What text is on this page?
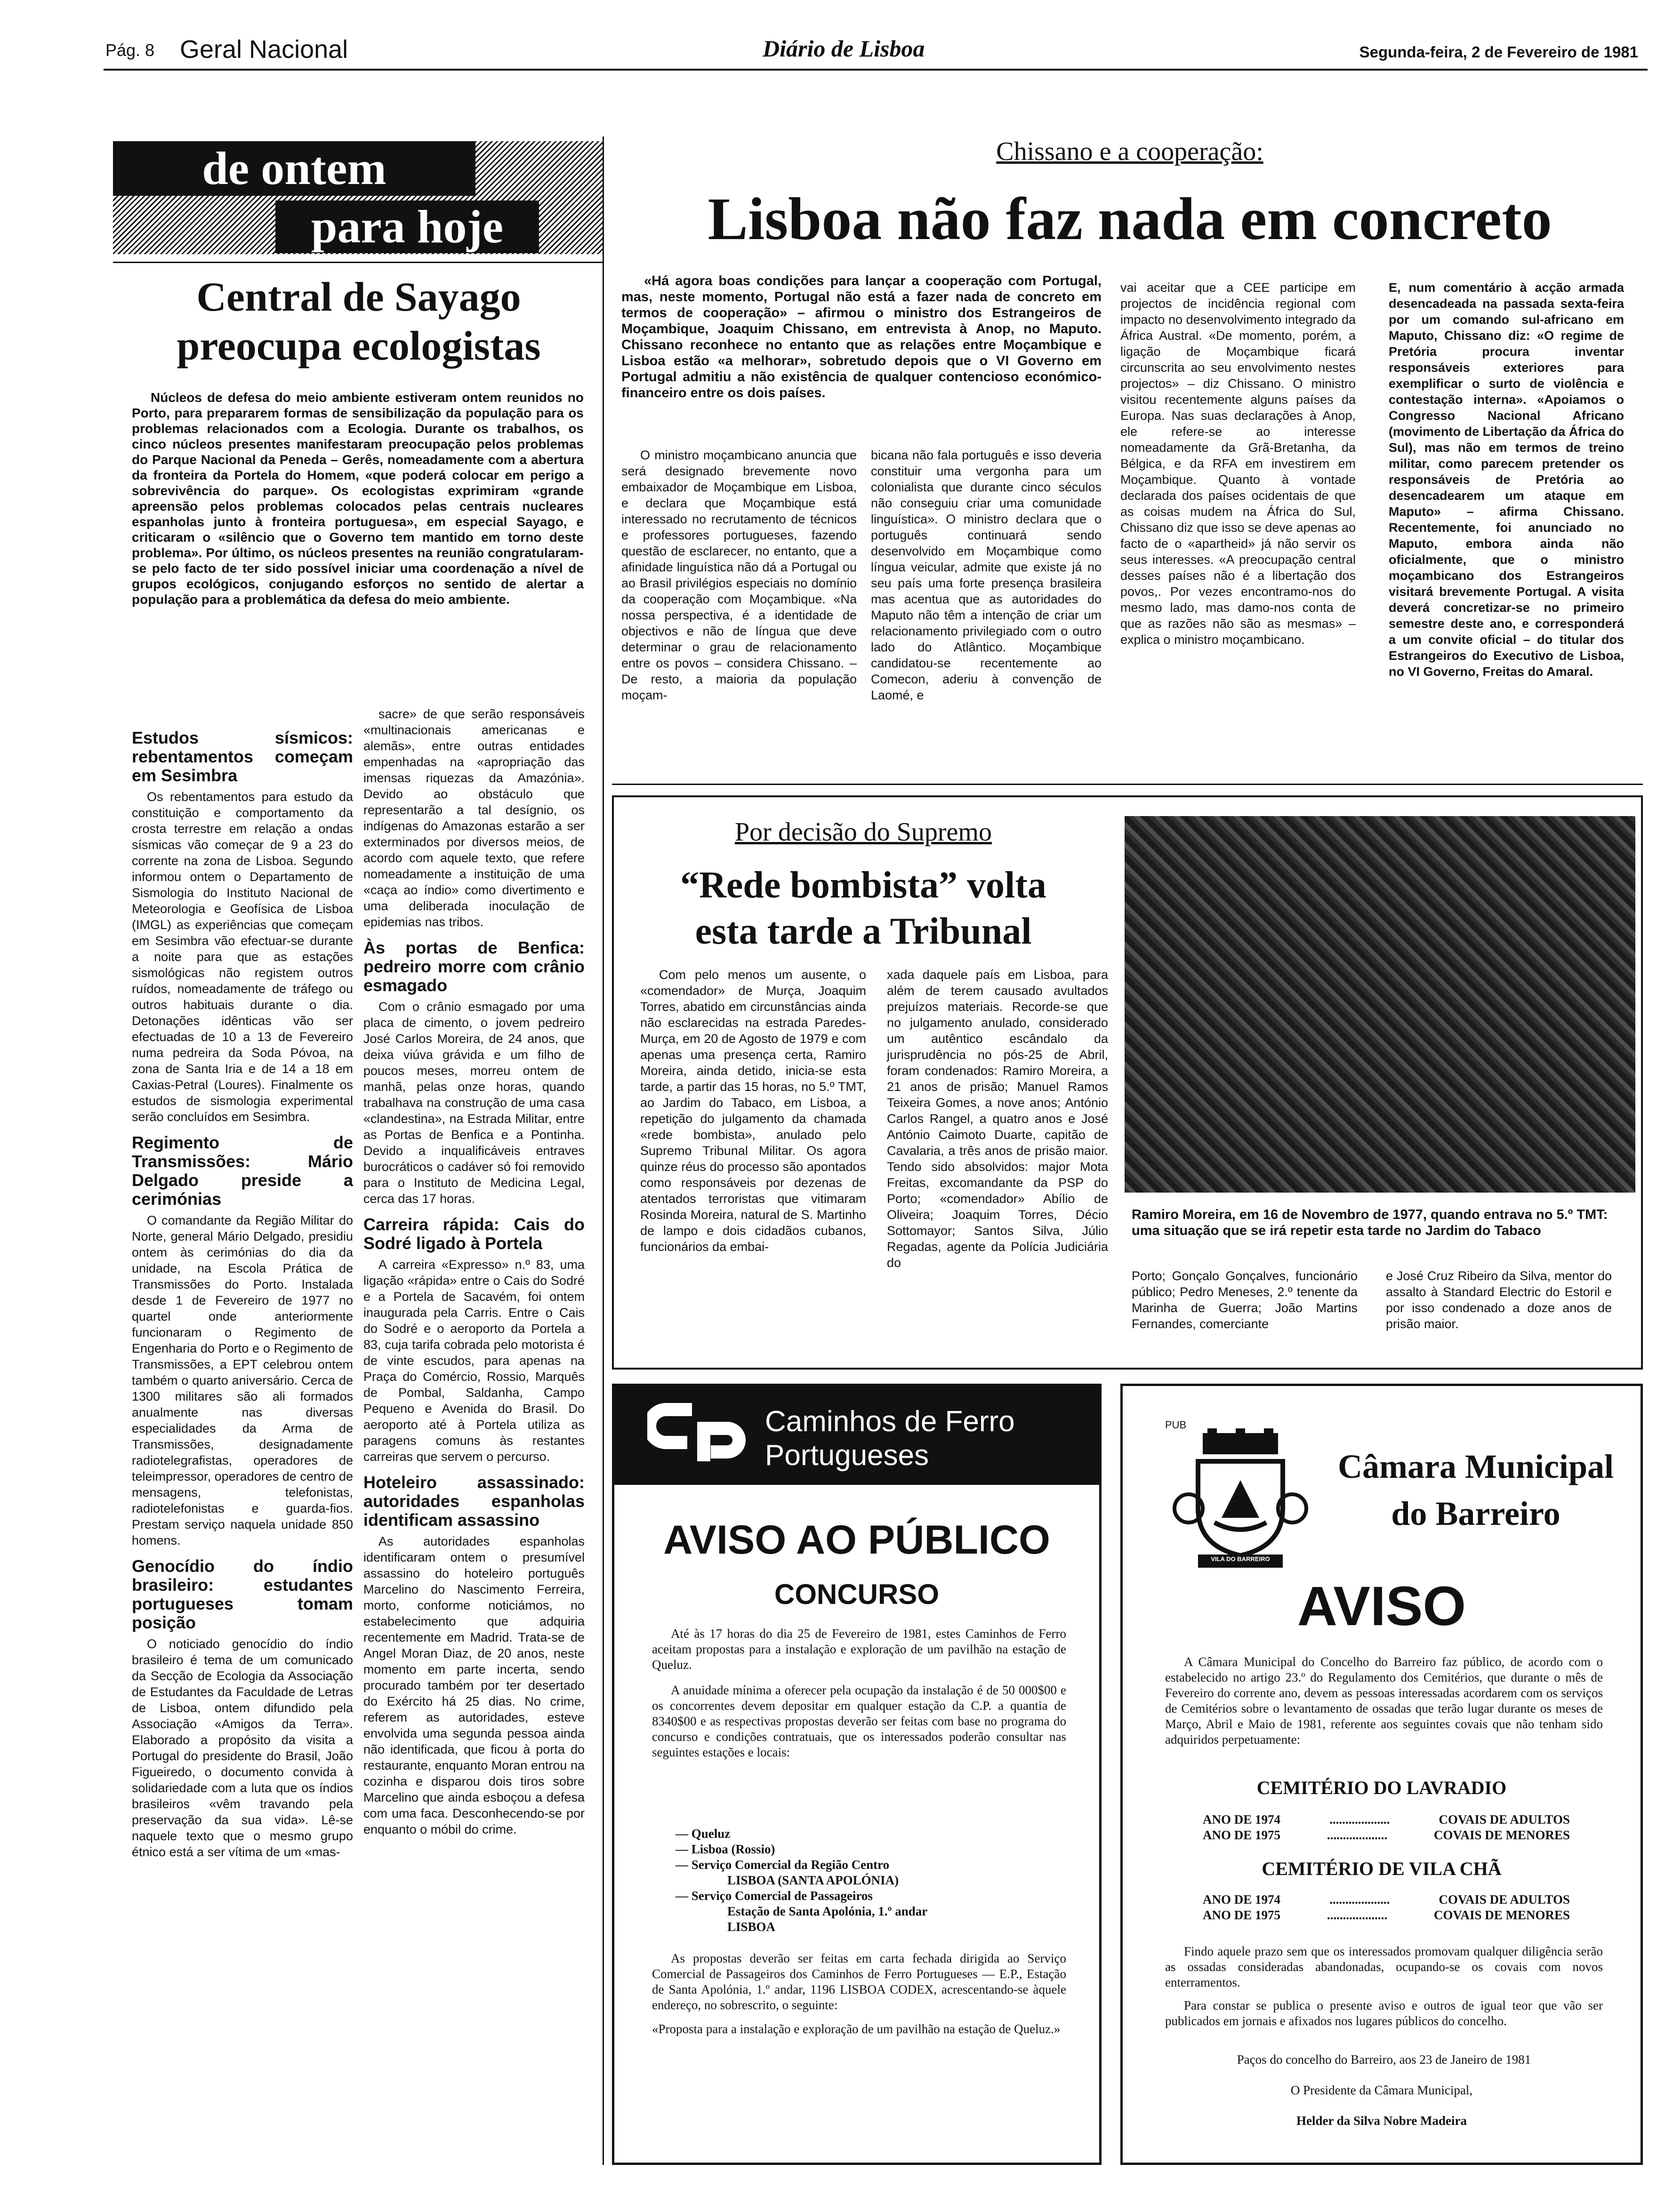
Pág. 8 Geral Nacional	Diário de Lisboa	Segunda-feira, 2 de Fevereiro de 1981
de ontem
para hoje
Central de Sayago preocupa ecologistas
Núcleos de defesa do meio ambiente estiveram ontem reunidos no Porto, para prepararem formas de sensibilização da população para os problemas relacionados com a Ecologia. Durante os trabalhos, os cinco núcleos presentes manifestaram preocupação pelos problemas do Parque Nacional da Peneda – Gerês, nomeadamente com a abertura da fronteira da Portela do Homem, «que poderá colocar em perigo a sobrevivência do parque». Os ecologistas exprimiram «grande apreensão pelos problemas colocados pelas centrais nucleares espanholas junto à fronteira portuguesa», em especial Sayago, e criticaram o «silêncio que o Governo tem mantido em torno deste problema». Por último, os núcleos presentes na reunião congratularam-se pelo facto de ter sido possível iniciar uma coordenação a nível de grupos ecológicos, conjugando esforços no sentido de alertar a população para a problemática da defesa do meio ambiente.
Estudos sísmicos: rebentamentos começam em Sesimbra

Os rebentamentos para estudo da constituição e comportamento da crosta terrestre em relação a ondas sísmicas vão começar de 9 a 23 do corrente na zona de Lisboa. Segundo informou ontem o Departamento de Sismologia do Instituto Nacional de Meteorologia e Geofísica de Lisboa (IMGL) as experiências que começam em Sesimbra vão efectuar-se durante a noite para que as estações sismológicas não registem outros ruídos, nomeadamente de tráfego ou outros habituais durante o dia. Detonações idênticas vão ser efectuadas de 10 a 13 de Fevereiro numa pedreira da Soda Póvoa, na zona de Santa Iria e de 14 a 18 em Caxias-Petral (Loures). Finalmente os estudos de sismologia experimental serão concluídos em Sesimbra.

Regimento de Transmissões: Mário Delgado preside a cerimónias

O comandante da Região Militar do Norte, general Mário Delgado, presidiu ontem às cerimónias do dia da unidade, na Escola Prática de Transmissões do Porto. Instalada desde 1 de Fevereiro de 1977 no quartel onde anteriormente funcionaram o Regimento de Engenharia do Porto e o Regimento de Transmissões, a EPT celebrou ontem também o quarto aniversário. Cerca de 1300 militares são ali formados anualmente nas diversas especialidades da Arma de Transmissões, designadamente radiotelegrafistas, operadores de teleimpressor, operadores de centro de mensagens, telefonistas, radiotelefonistas e guarda-fios. Prestam serviço naquela unidade 850 homens.

Genocídio do índio brasileiro: estudantes portugueses tomam posição

O noticiado genocídio do índio brasileiro é tema de um comunicado da Secção de Ecologia da Associação de Estudantes da Faculdade de Letras de Lisboa, ontem difundido pela Associação «Amigos da Terra». Elaborado a propósito da visita a Portugal do presidente do Brasil, João Figueiredo, o documento convida à solidariedade com a luta que os índios brasileiros «vêm travando pela preservação da sua vida». Lê-se naquele texto que o mesmo grupo étnico está a ser vítima de um «mas-

sacre» de que serão responsáveis «multinacionais americanas e alemãs», entre outras entidades empenhadas na «apropriação das imensas riquezas da Amazónia». Devido ao obstáculo que representarão a tal desígnio, os indígenas do Amazonas estarão a ser exterminados por diversos meios, de acordo com aquele texto, que refere nomeadamente a instituição de uma «caça ao índio» como divertimento e uma deliberada inoculação de epidemias nas tribos.

Às portas de Benfica: pedreiro morre com crânio esmagado

Com o crânio esmagado por uma placa de cimento, o jovem pedreiro José Carlos Moreira, de 24 anos, que deixa viúva grávida e um filho de poucos meses, morreu ontem de manhã, pelas onze horas, quando trabalhava na construção de uma casa «clandestina», na Estrada Militar, entre as Portas de Benfica e a Pontinha. Devido a inqualificáveis entraves burocráticos o cadáver só foi removido para o Instituto de Medicina Legal, cerca das 17 horas.

Carreira rápida: Cais do Sodré ligado à Portela

A carreira «Expresso» n.º 83, uma ligação «rápida» entre o Cais do Sodré e a Portela de Sacavém, foi ontem inaugurada pela Carris. Entre o Cais do Sodré e o aeroporto da Portela a 83, cuja tarifa cobrada pelo motorista é de vinte escudos, para apenas na Praça do Comércio, Rossio, Marquês de Pombal, Saldanha, Campo Pequeno e Avenida do Brasil. Do aeroporto até à Portela utiliza as paragens comuns às restantes carreiras que servem o percurso.

Hoteleiro assassinado: autoridades espanholas identificam assassino

As autoridades espanholas identificaram ontem o presumível assassino do hoteleiro português Marcelino do Nascimento Ferreira, morto, conforme noticiámos, no estabelecimento que adquiria recentemente em Madrid. Trata-se de Angel Moran Diaz, de 20 anos, neste momento em parte incerta, sendo procurado também por ter desertado do Exército há 25 dias. No crime, referem as autoridades, esteve envolvida uma segunda pessoa ainda não identificada, que ficou à porta do restaurante, enquanto Moran entrou na cozinha e disparou dois tiros sobre Marcelino que ainda esboçou a defesa com uma faca. Desconhecendo-se por enquanto o móbil do crime.

Chissano e a cooperação:
Lisboa não faz nada em concreto
«Há agora boas condições para lançar a cooperação com Portugal, mas, neste momento, Portugal não está a fazer nada de concreto em termos de cooperação» – afirmou o ministro dos Estrangeiros de Moçambique, Joaquim Chissano, em entrevista à Anop, no Maputo. Chissano reconhece no entanto que as relações entre Moçambique e Lisboa estão «a melhorar», sobretudo depois que o VI Governo em Portugal admitiu a não existência de qualquer contencioso económico-financeiro entre os dois países.
O ministro moçambicano anuncia que será designado brevemente novo embaixador de Moçambique em Lisboa, e declara que Moçambique está interessado no recrutamento de técnicos e professores portugueses, fazendo questão de esclarecer, no entanto, que a afinidade linguística não dá a Portugal ou ao Brasil privilégios especiais no domínio da cooperação com Moçambique. «Na nossa perspectiva, é a identidade de objectivos e não de língua que deve determinar o grau de relacionamento entre os povos – considera Chissano. – De resto, a maioria da população moçam-
bicana não fala português e isso deveria constituir uma vergonha para um colonialista que durante cinco séculos não conseguiu criar uma comunidade linguística». O ministro declara que o português continuará sendo desenvolvido em Moçambique como língua veicular, admite que existe já no seu país uma forte presença brasileira mas acentua que as autoridades do Maputo não têm a intenção de criar um relacionamento privilegiado com o outro lado do Atlântico. Moçambique candidatou-se recentemente ao Comecon, aderiu à convenção de Laomé, e
vai aceitar que a CEE participe em projectos de incidência regional com impacto no desenvolvimento integrado da África Austral. «De momento, porém, a ligação de Moçambique ficará circunscrita ao seu envolvimento nestes projectos» – diz Chissano. O ministro visitou recentemente alguns países da Europa. Nas suas declarações à Anop, ele refere-se ao interesse nomeadamente da Grã-Bretanha, da Bélgica, e da RFA em investirem em Moçambique. Quanto à vontade declarada dos países ocidentais de que as coisas mudem na África do Sul, Chissano diz que isso se deve apenas ao facto de o «apartheid» já não servir os seus interesses. «A preocupação central desses países não é a libertação dos povos,. Por vezes encontramo-nos do mesmo lado, mas damo-nos conta de que as razões não são as mesmas» – explica o ministro moçambicano.
E, num comentário à acção armada desencadeada na passada sexta-feira por um comando sul-africano em Maputo, Chissano diz: «O regime de Pretória procura inventar responsáveis exteriores para exemplificar o surto de violência e contestação interna». «Apoiamos o Congresso Nacional Africano (movimento de Libertação da África do Sul), mas não em termos de treino militar, como parecem pretender os responsáveis de Pretória ao desencadearem um ataque em Maputo» – afirma Chissano. Recentemente, foi anunciado no Maputo, embora ainda não oficialmente, que o ministro moçambicano dos Estrangeiros visitará brevemente Portugal. A visita deverá concretizar-se no primeiro semestre deste ano, e corresponderá a um convite oficial – do titular dos Estrangeiros do Executivo de Lisboa, no VI Governo, Freitas do Amaral.
Por decisão do Supremo
“Rede bombista” volta
esta tarde a Tribunal
Com pelo menos um ausente, o «comendador» de Murça, Joaquim Torres, abatido em circunstâncias ainda não esclarecidas na estrada Paredes-Murça, em 20 de Agosto de 1979 e com apenas uma presença certa, Ramiro Moreira, ainda detido, inicia-se esta tarde, a partir das 15 horas, no 5.º TMT, ao Jardim do Tabaco, em Lisboa, a repetição do julgamento da chamada «rede bombista», anulado pelo Supremo Tribunal Militar. Os agora quinze réus do processo são apontados como responsáveis por dezenas de atentados terroristas que vitimaram Rosinda Moreira, natural de S. Martinho de lampo e dois cidadãos cubanos, funcionários da embai-
xada daquele país em Lisboa, para além de terem causado avultados prejuízos materiais. Recorde-se que no julgamento anulado, considerado um autêntico escândalo da jurisprudência no pós-25 de Abril, foram condenados: Ramiro Moreira, a 21 anos de prisão; Manuel Ramos Teixeira Gomes, a nove anos; António Carlos Rangel, a quatro anos e José António Caimoto Duarte, capitão de Cavalaria, a três anos de prisão maior. Tendo sido absolvidos: major Mota Freitas, excomandante da PSP do Porto; «comendador» Abílio de Oliveira; Joaquim Torres, Décio Sottomayor; Santos Silva, Júlio Regadas, agente da Polícia Judiciária do
Ramiro Moreira, em 16 de Novembro de 1977, quando entrava no 5.º TMT: uma situação que se irá repetir esta tarde no Jardim do Tabaco
Porto; Gonçalo Gonçalves, funcionário público; Pedro Meneses, 2.º tenente da Marinha de Guerra; João Martins Fernandes, comerciante
e José Cruz Ribeiro da Silva, mentor do assalto à Standard Electric do Estoril e por isso condenado a doze anos de prisão maior.
Caminhos de Ferro
Portugueses
AVISO AO PÚBLICO
CONCURSO
Até às 17 horas do dia 25 de Fevereiro de 1981, estes Caminhos de Ferro aceitam propostas para a instalação e exploração de um pavilhão na estação de Queluz.
A anuidade mínima a oferecer pela ocupação da instalação é de 50 000$00 e os concorrentes devem depositar em qualquer estação da C.P. a quantia de 8340$00 e as respectivas propostas deverão ser feitas com base no programa do concurso e condições contratuais, que os interessados poderão consultar nas seguintes estações e locais:
— Queluz
— Lisboa (Rossio)
— Serviço Comercial da Região Centro
LISBOA (SANTA APOLÓNIA)
— Serviço Comercial de Passageiros
Estação de Santa Apolónia, 1.º andar
LISBOA
As propostas deverão ser feitas em carta fechada dirigida ao Serviço Comercial de Passageiros dos Caminhos de Ferro Portugueses — E.P., Estação de Santa Apolónia, 1.º andar, 1196 LISBOA CODEX, acrescentando-se àquele endereço, no sobrescrito, o seguinte:
«Proposta para a instalação e exploração de um pavilhão na estação de Queluz.»
PUB
VILA DO BARREIRO
Câmara Municipal
do Barreiro
AVISO
A Câmara Municipal do Concelho do Barreiro faz público, de acordo com o estabelecido no artigo 23.º do Regulamento dos Cemitérios, que durante o mês de Fevereiro do corrente ano, devem as pessoas interessadas acordarem com os serviços de Cemitérios sobre o levantamento de ossadas que terão lugar durante os meses de Março, Abril e Maio de 1981, referente aos seguintes covais que não tenham sido adquiridos perpetuamente:
CEMITÉRIO DO LAVRADIO
ANO DE 1974	...................	COVAIS DE ADULTOS
ANO DE 1975	...................	COVAIS DE MENORES
CEMITÉRIO DE VILA CHÃ
ANO DE 1974	...................	COVAIS DE ADULTOS
ANO DE 1975	...................	COVAIS DE MENORES
Findo aquele prazo sem que os interessados promovam qualquer diligência serão as ossadas consideradas abandonadas, ocupando-se os covais com novos enterramentos.
Para constar se publica o presente aviso e outros de igual teor que vão ser publicados em jornais e afixados nos lugares públicos do concelho.
Paços do concelho do Barreiro, aos 23 de Janeiro de 1981
O Presidente da Câmara Municipal,
Helder da Silva Nobre Madeira
